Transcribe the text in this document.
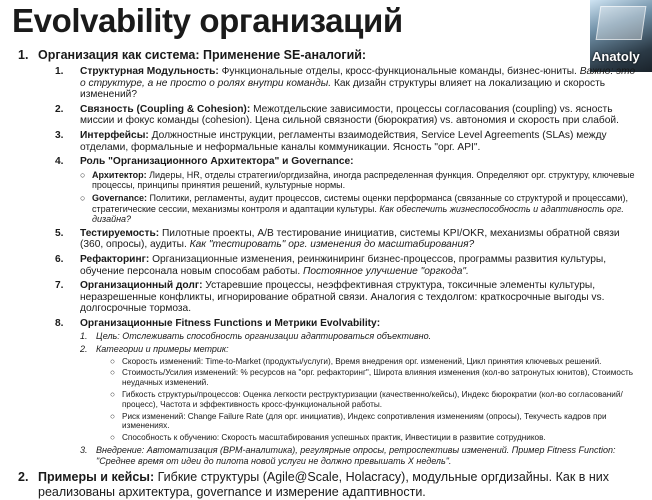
Evolvability организаций
Anatoly
1. Организация как система: Применение SE-аналогий:
1.	Структурная Модульность: Функциональные отделы, кросс-функциональные команды, бизнес-юниты. Важно: это о структуре, а не просто о ролях внутри команды. Как дизайн структуры влияет на локализацию и скорость изменений?
2.	Связность (Coupling & Cohesion): Межотдельские зависимости, процессы согласования (coupling) vs. ясность миссии и фокус команды (cohesion). Цена сильной связности (бюрократия) vs. автономия и скорость при слабой.
3.	Интерфейсы: Должностные инструкции, регламенты взаимодействия, Service Level Agreements (SLAs) между отделами, формальные и неформальные каналы коммуникации. Ясность "орг. API".
4.	Роль "Организационного Архитектора" и Governance:
○ Архитектор: Лидеры, HR, отделы стратегии/оргдизайна, иногда распределенная функция. Определяют орг. структуру, ключевые процессы, принципы принятия решений, культурные нормы.
○ Governance: Политики, регламенты, аудит процессов, системы оценки перформанса (связанные со структурой и процессами), стратегические сессии, механизмы контроля и адаптации культуры. Как обеспечить жизнеспособность и адаптивность орг. дизайна?
5.	Тестируемость: Пилотные проекты, A/B тестирование инициатив, системы KPI/OKR, механизмы обратной связи (360, опросы), аудиты. Как "тестировать" орг. изменения до масштабирования?
6.	Рефакторинг: Организационные изменения, реинжиниринг бизнес-процессов, программы развития культуры, обучение персонала новым способам работы. Постоянное улучшение "оргкода".
7.	Организационный долг: Устаревшие процессы, неэффективная структура, токсичные элементы культуры, неразрешенные конфликты, игнорирование обратной связи. Аналогия с техдолгом: краткосрочные выгоды vs. долгосрочные тормоза.
8.	Организационные Fitness Functions и Метрики Evolvability:
1. Цель: Отслеживать способность организации адаптироваться объективно.
2. Категории и примеры метрик:
○ Скорость изменений: Time-to-Market (продукты/услуги), Время внедрения орг. изменений, Цикл принятия ключевых решений.
○ Стоимость/Усилия изменений: % ресурсов на "орг. рефакторинг", Широта влияния изменения (кол-во затронутых юнитов), Стоимость неудачных изменений.
○ Гибкость структуры/процессов: Оценка легкости реструктуризации (качественно/кейсы), Индекс бюрократии (кол-во согласований/процесс), Частота и эффективность кросс-функциональной работы.
○ Риск изменений: Change Failure Rate (для орг. инициатив), Индекс сопротивления изменениям (опросы), Текучесть кадров при изменениях.
○ Способность к обучению: Скорость масштабирования успешных практик, Инвестиции в развитие сотрудников.
3. Внедрение: Автоматизация (BPM-аналитика), регулярные опросы, ретроспективы изменений. Пример Fitness Function: "Среднее время от идеи до пилота новой услуги не должно превышать X недель".
2. Примеры и кейсы: Гибкие структуры (Agile@Scale, Holacracy), модульные оргдизайны. Как в них реализованы архитектура, governance и измерение адаптивности.
